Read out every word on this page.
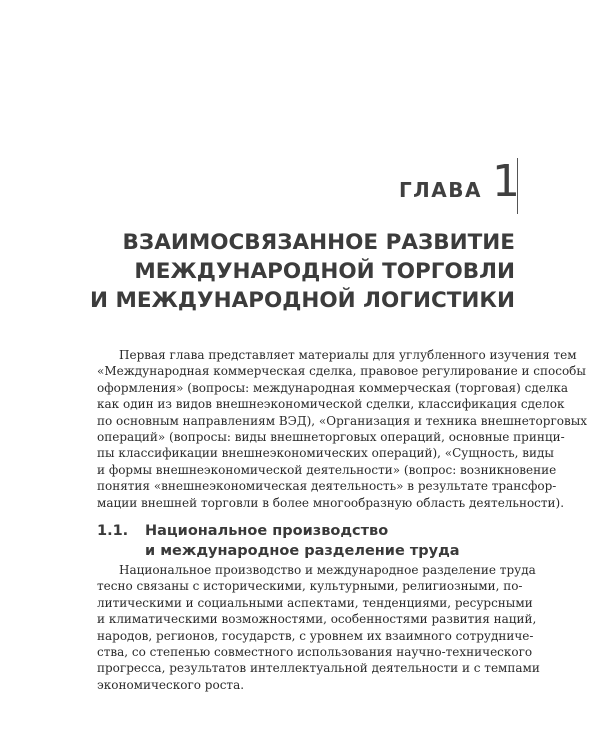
ГЛАВА 1
ВЗАИМОСВЯЗАННОЕ РАЗВИТИЕ
МЕЖДУНАРОДНОЙ ТОРГОВЛИ
И МЕЖДУНАРОДНОЙ ЛОГИСТИКИ
Первая глава представляет материалы для углубленного изучения тем
«Международная коммерческая сделка, правовое регулирование и способы
оформления» (вопросы: международная коммерческая (торговая) сделка
как один из видов внешнеэкономической сделки, классификация сделок
по основным направлениям ВЭД), «Организация и техника внешнеторговых
операций» (вопросы: виды внешнеторговых операций, основные принци-
пы классификации внешнеэкономических операций), «Сущность, виды
и формы внешнеэкономической деятельности» (вопрос: возникновение
понятия «внешнеэкономическая деятельность» в результате трансфор-
мации внешней торговли в более многообразную область деятельности).
1.1. Национальное производство
и международное разделение труда
Национальное производство и международное разделение труда
тесно связаны с историческими, культурными, религиозными, по-
литическими и социальными аспектами, тенденциями, ресурсными
и климатическими возможностями, особенностями развития наций,
народов, регионов, государств, с уровнем их взаимного сотрудниче-
ства, со степенью совместного использования научно-технического
прогресса, результатов интеллектуальной деятельности и с темпами
экономического роста.
